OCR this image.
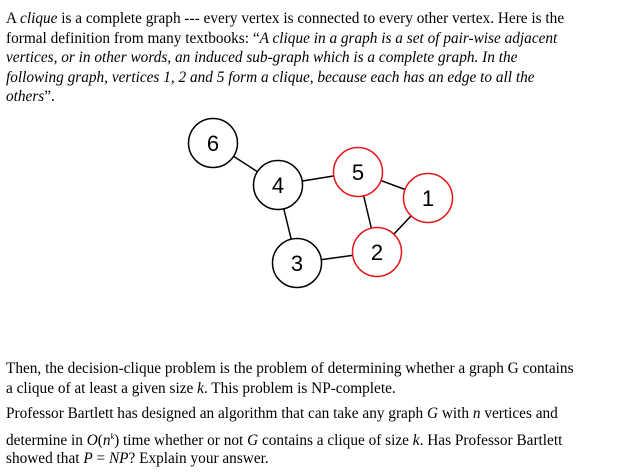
6
4
5
1
2
3
A clique is a complete graph --- every vertex is connected to every other vertex. Here is the
formal definition from many textbooks: “A clique in a graph is a set of pair-wise adjacent
vertices, or in other words, an induced sub-graph which is a complete graph. In the
following graph, vertices 1, 2 and 5 form a clique, because each has an edge to all the
others”.
Then, the decision-clique problem is the problem of determining whether a graph G contains
a clique of at least a given size k. This problem is NP-complete.
Professor Bartlett has designed an algorithm that can take any graph G with n vertices and
determine in $O(n^k)$ time whether or not G contains a clique of size k. Has Professor Bartlett
showed that P = NP? Explain your answer.
